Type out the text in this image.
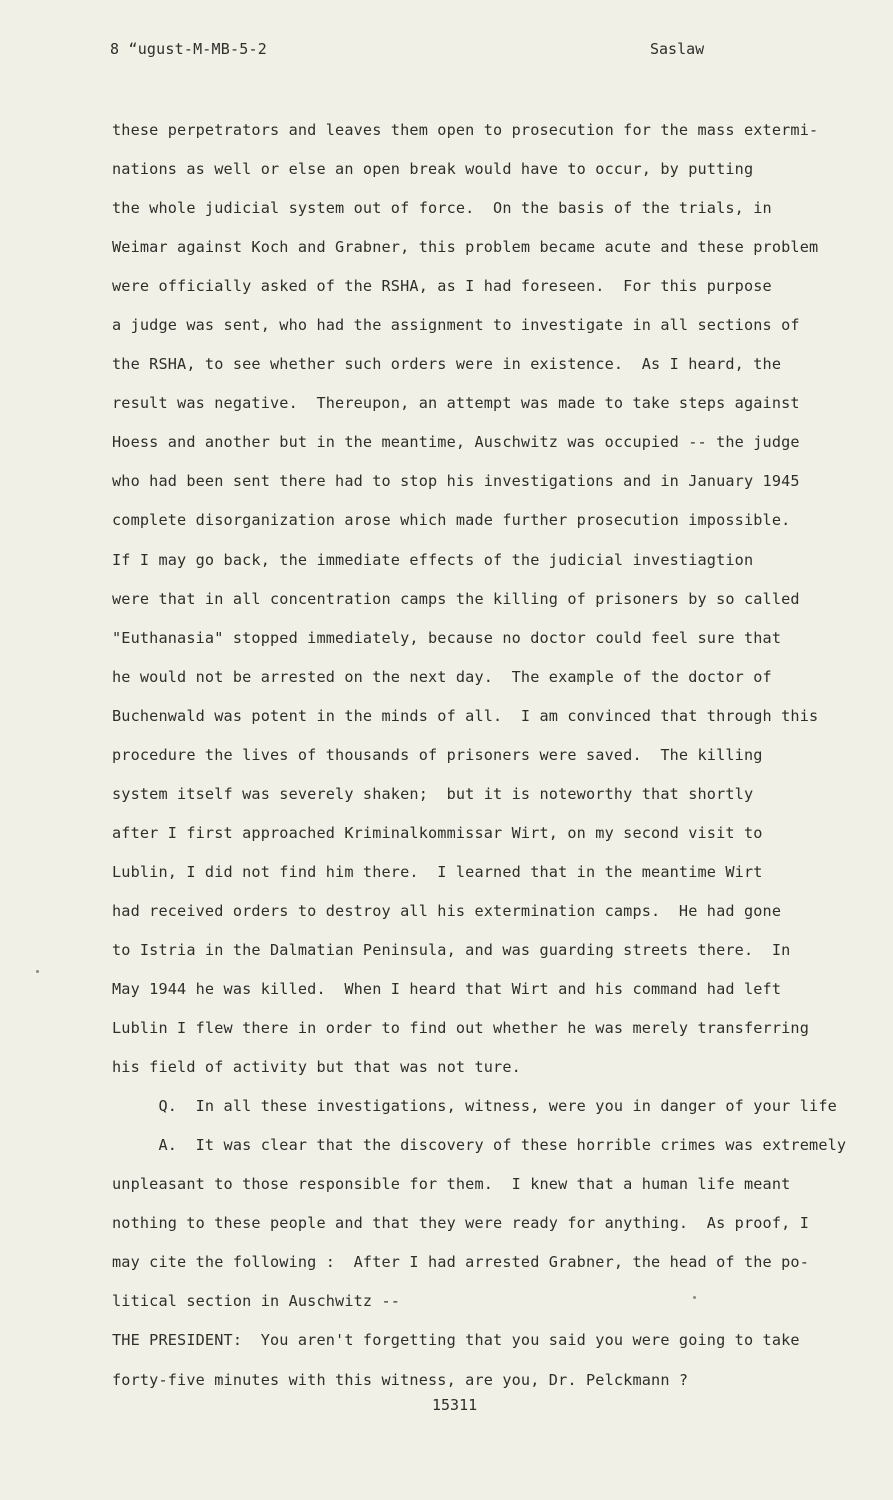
8 “ugust-M-MB-5-2	Saslaw
these perpetrators and leaves them open to prosecution for the mass extermi-
nations as well or else an open break would have to occur, by putting
the whole judicial system out of force.  On the basis of the trials, in
Weimar against Koch and Grabner, this problem became acute and these problem
were officially asked of the RSHA, as I had foreseen.  For this purpose
a judge was sent, who had the assignment to investigate in all sections of
the RSHA, to see whether such orders were in existence.  As I heard, the
result was negative.  Thereupon, an attempt was made to take steps against
Hoess and another but in the meantime, Auschwitz was occupied -- the judge
who had been sent there had to stop his investigations and in January 1945
complete disorganization arose which made further prosecution impossible.
If I may go back, the immediate effects of the judicial investiagtion
were that in all concentration camps the killing of prisoners by so called
"Euthanasia" stopped immediately, because no doctor could feel sure that
he would not be arrested on the next day.  The example of the doctor of
Buchenwald was potent in the minds of all.  I am convinced that through this
procedure the lives of thousands of prisoners were saved.  The killing
system itself was severely shaken;  but it is noteworthy that shortly
after I first approached Kriminalkommissar Wirt, on my second visit to
Lublin, I did not find him there.  I learned that in the meantime Wirt
had received orders to destroy all his extermination camps.  He had gone
to Istria in the Dalmatian Peninsula, and was guarding streets there.  In
May 1944 he was killed.  When I heard that Wirt and his command had left
Lublin I flew there in order to find out whether he was merely transferring
his field of activity but that was not ture.
Q.  In all these investigations, witness, were you in danger of your life
A.  It was clear that the discovery of these horrible crimes was extremely
unpleasant to those responsible for them.  I knew that a human life meant
nothing to these people and that they were ready for anything.  As proof, I
may cite the following :  After I had arrested Grabner, the head of the po-
litical section in Auschwitz --
THE PRESIDENT:  You aren't forgetting that you said you were going to take
forty-five minutes with this witness, are you, Dr. Pelckmann ?
15311
